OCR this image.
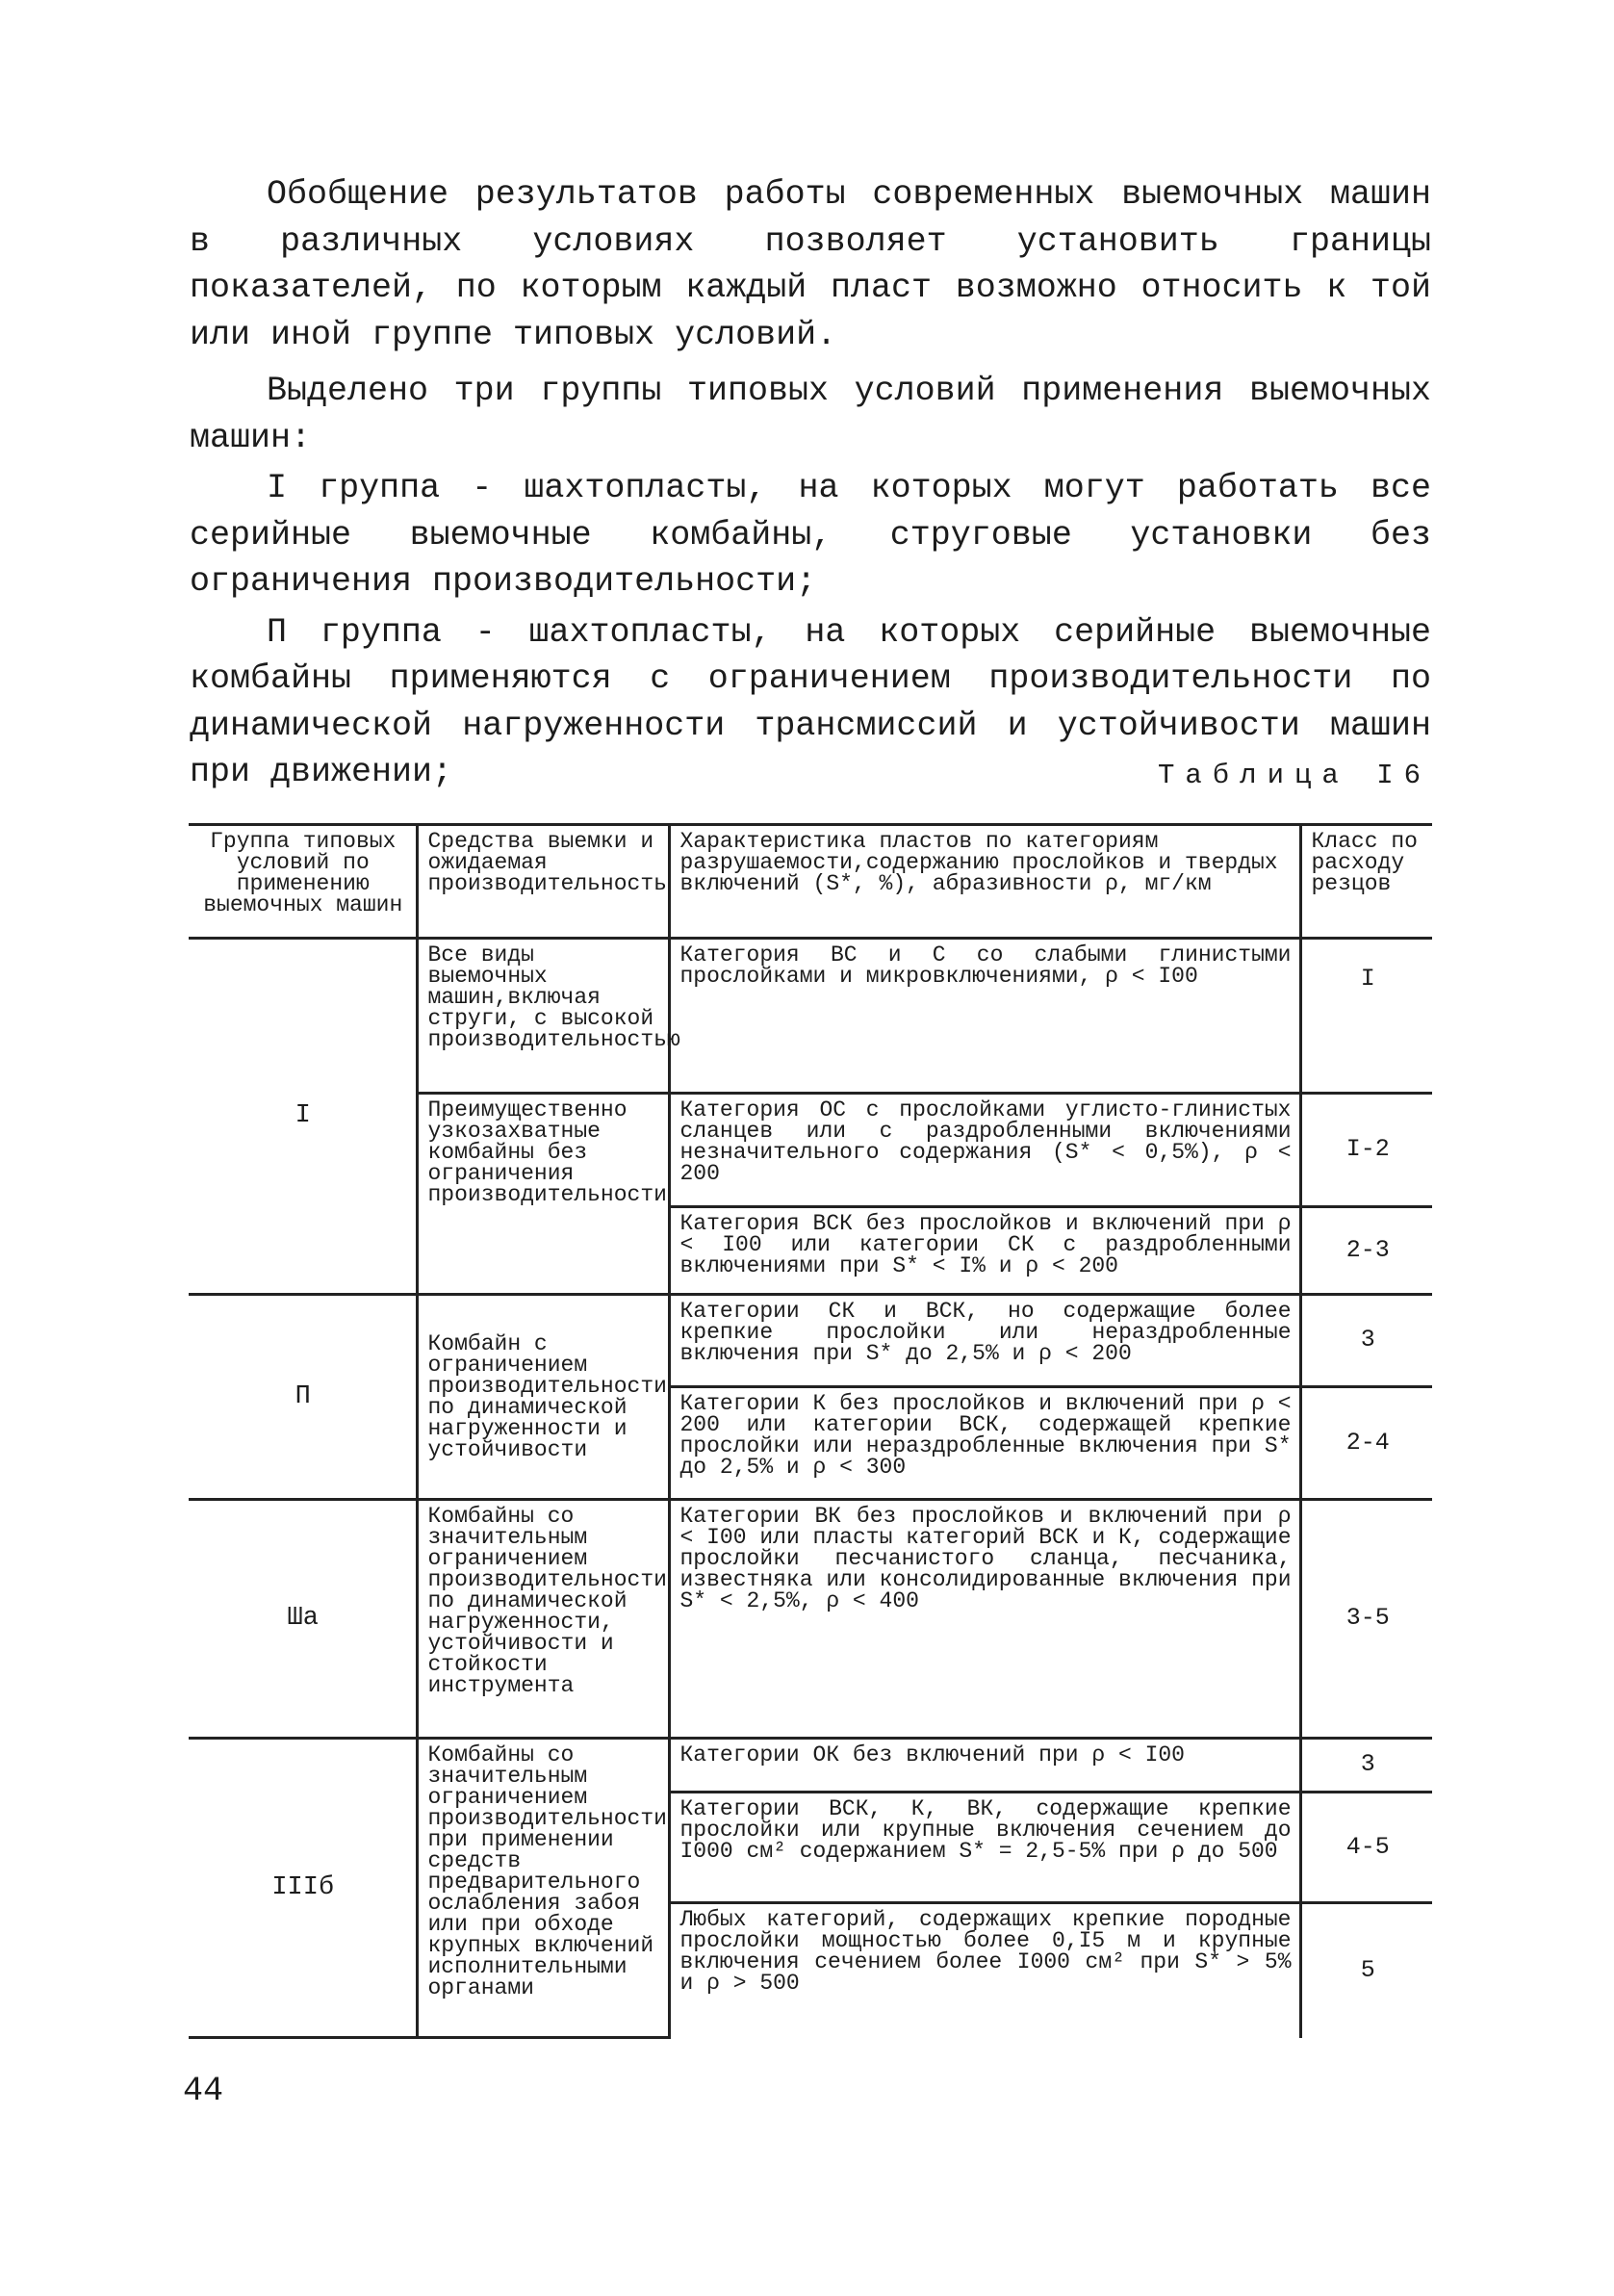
Обобщение результатов работы современных выемочных машин в различных условиях позволяет установить границы показателей, по которым каждый пласт возможно относить к той или иной группе типовых условий.

Выделено три группы типовых условий применения выемочных машин:

I группа - шахтопласты, на которых могут работать все серийные выемочные комбайны, струговые установки без ограничения производительности;

П группа - шахтопласты, на которых серийные выемочные комбайны применяются с ограничением производительности по динамической нагруженности трансмиссий и устойчивости машин при движении;	Таблица I6
Группа типовых условий по применению выемочных машин	Средства выемки и ожидаемая производительность	Характеристика пластов по категориям разрушаемости,содержанию прослойков и твердых включений (S*, %), абразивности ρ, мг/км	Класс по расходу резцов
I	Все виды выемочных машин,включая струги, с высокой производительностью	Категория ВС и С со слабыми глинистыми прослойками и микровключениями, ρ < I00	I
	Преимущественно узкозахватные комбайны без ограничения производительности	Категория ОС с прослойками углисто-глинистых сланцев или с раздробленными включениями незначительного содержания (S* < 0,5%), ρ < 200	I-2
		Категория ВСК без прослойков и включений при ρ < I00 или категории СК с раздробленными включениями при S* < I% и ρ < 200	2-3
П	Комбайн с ограничением производительности по динамической нагруженности и устойчивости	Категории СК и ВСК, но содержащие более крепкие прослойки или нераздробленные включения при S* до 2,5% и ρ < 200	3
		Категории К без прослойков и включений при ρ < 200 или категории ВСК, содержащей крепкие прослойки или нераздробленные включения при S* до 2,5% и ρ < 300	2-4
Шa	Комбайны со значительным ограничением производительности по динамической нагруженности, устойчивости и стойкости инструмента	Категории ВК без прослойков и включений при ρ < I00 или пласты категорий ВСК и К, содержащие прослойки песчанистого сланца, песчаника, известняка или консолидированные включения при S* < 2,5%, ρ < 400	3-5
IIIб	Комбайны со значительным ограничением производительности при применении средств предварительного ослабления забоя или при обходе крупных включений исполнительными органами	Категории ОК без включений при ρ < I00	3
		Категории ВСК, К, ВК, содержащие крепкие прослойки или крупные включения сечением до I000 см² содержанием S* = 2,5-5% при ρ до 500	4-5
		Любых категорий, содержащих крепкие породные прослойки мощностью более 0,I5 м и крупные включения сечением более I000 см² при S* > 5% и ρ > 500	5
44
